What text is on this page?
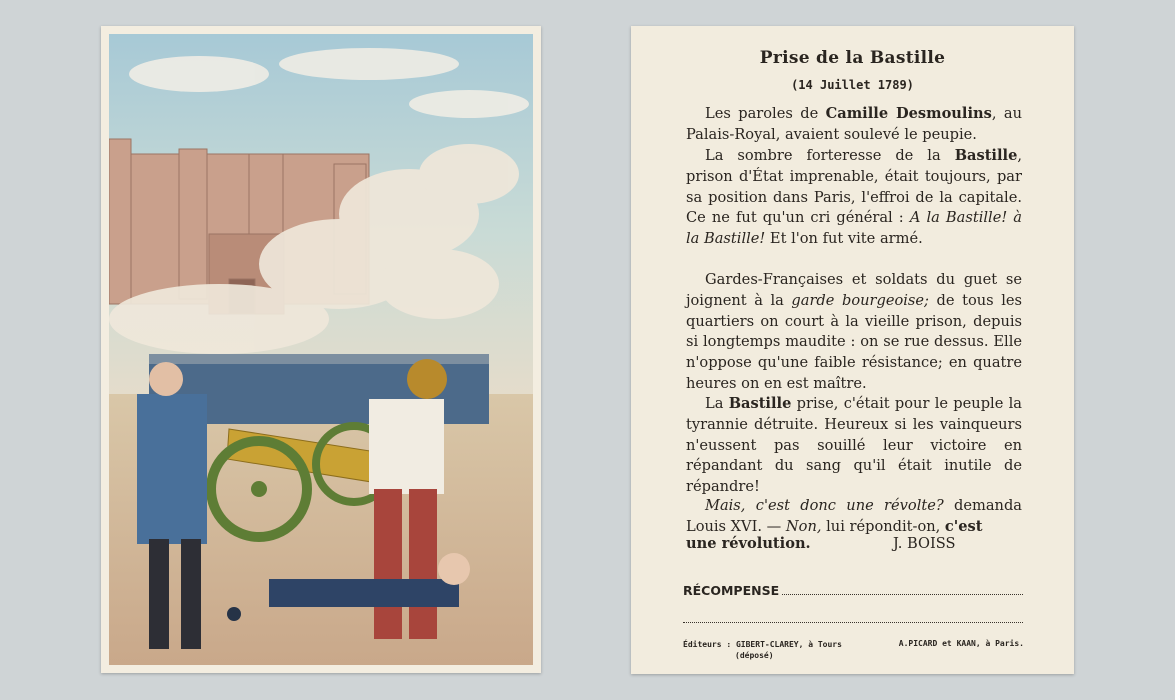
Prise de la Bastille
(14 Juillet 1789)
Les paroles de Camille Desmoulins, au Palais-Royal, avaient soulevé le peupie.
La sombre forteresse de la Bastille, prison d'État imprenable, était toujours, par sa position dans Paris, l'effroi de la capitale. Ce ne fut qu'un cri général : A la Bastille! à la Bastille! Et l'on fut vite armé.
Gardes-Françaises et soldats du guet se joignent à la garde bourgeoise; de tous les quartiers on court à la vieille prison, depuis si longtemps maudite : on se rue dessus. Elle n'oppose qu'une faible résistance; en quatre heures on en est maître.
La Bastille prise, c'était pour le peuple la tyrannie détruite. Heureux si les vainqueurs n'eussent pas souillé leur victoire en répandant du sang qu'il était inutile de répandre!
Mais, c'est donc une révolte? demanda Louis XVI. — Non, lui répondit-on, c'est
une révolution.	J. BOISS
RÉCOMPENSE
Éditeurs : GIBERT-CLAREY, à Tours
(déposé)
A.PICARD et KAAN, à Paris.
